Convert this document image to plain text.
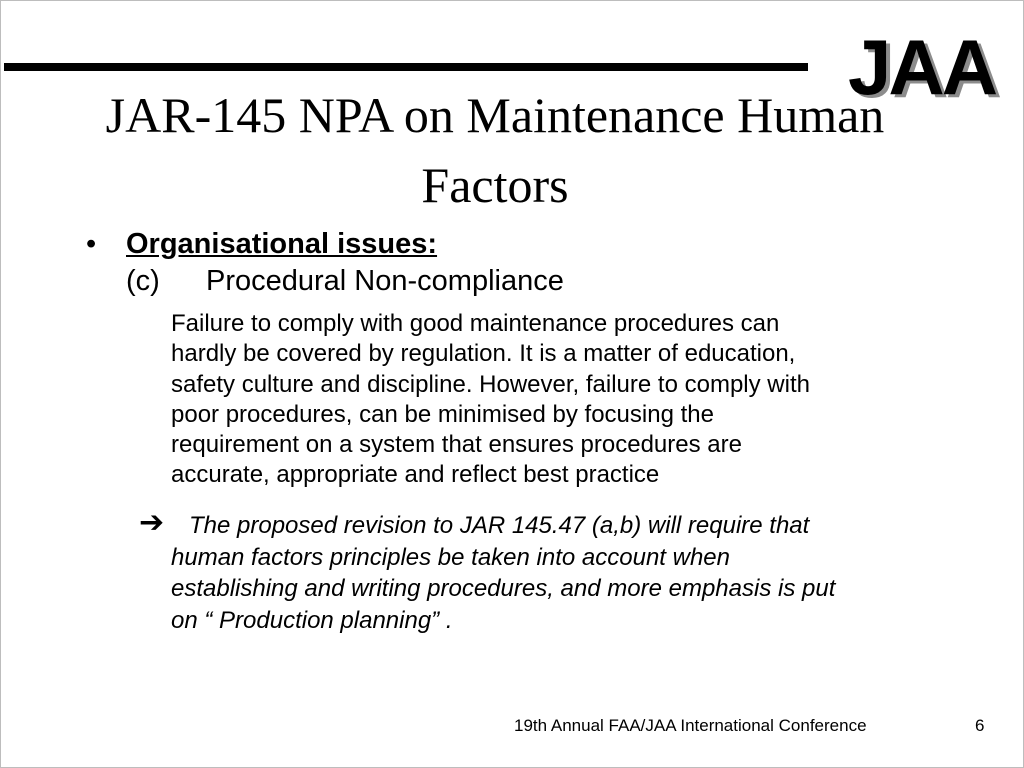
JAA
JAR-145 NPA on Maintenance Human
Factors
• Organisational issues:
(c) Procedural Non-compliance
Failure to comply with good maintenance procedures can
hardly be covered by regulation. It is a matter of education,
safety culture and discipline. However, failure to comply with
poor procedures, can be minimised by focusing the
requirement on a system that ensures procedures are
accurate, appropriate and reflect best practice
➔	The proposed revision to JAR 145.47 (a,b) will require that
human factors principles be taken into account when
establishing and writing procedures, and more emphasis is put
on “ Production planning” .
19th Annual FAA/JAA International Conference	6
